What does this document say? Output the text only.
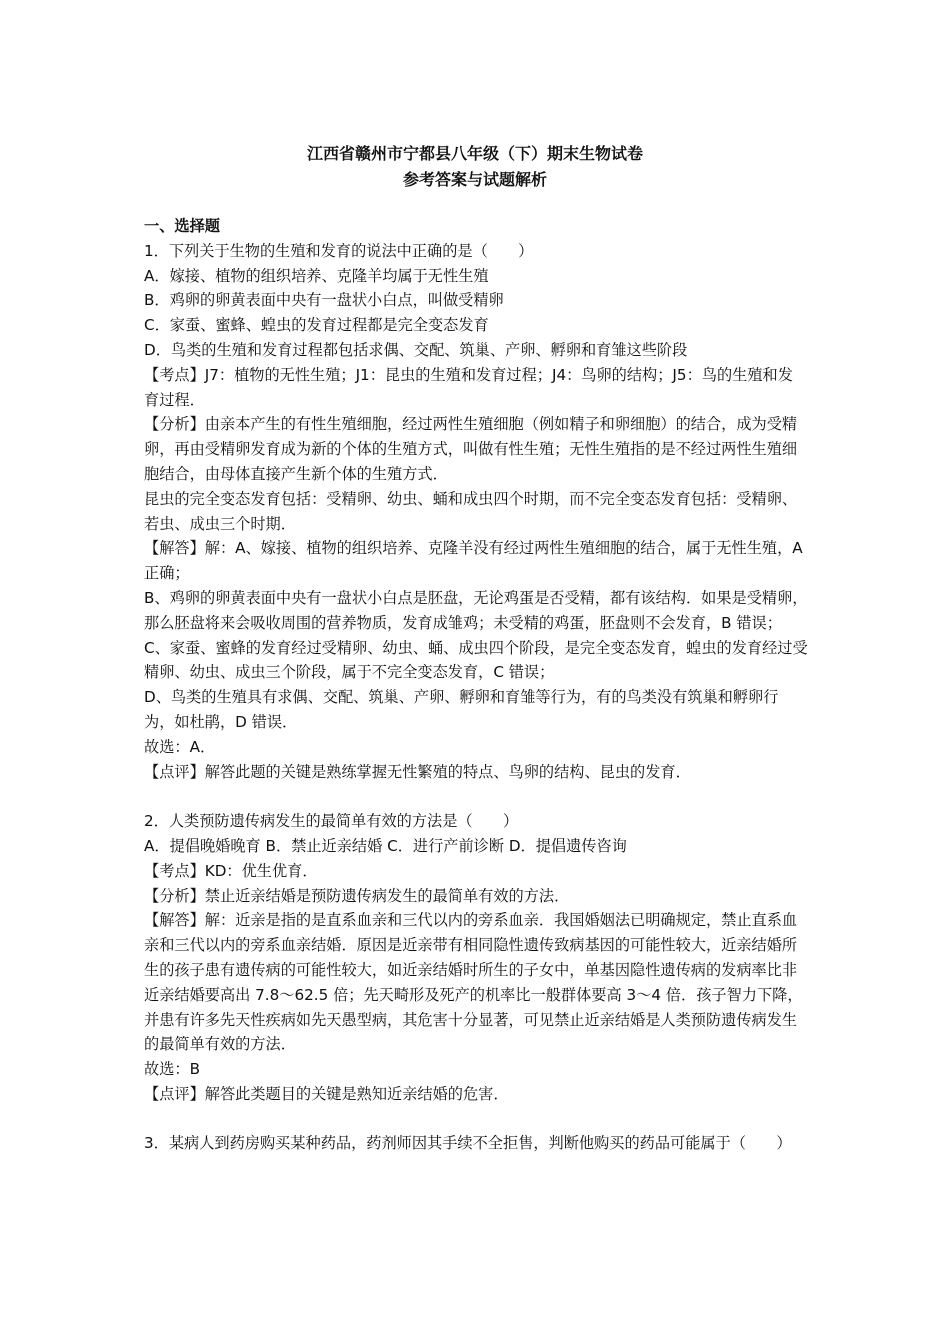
江西省赣州市宁都县八年级（下）期末生物试卷
参考答案与试题解析

一、选择题

1．下列关于生物的生殖和发育的说法中正确的是（　　）

A．嫁接、植物的组织培养、克隆羊均属于无性生殖

B．鸡卵的卵黄表面中央有一盘状小白点，叫做受精卵

C．家蚕、蜜蜂、蝗虫的发育过程都是完全变态发育

D．鸟类的生殖和发育过程都包括求偶、交配、筑巢、产卵、孵卵和育雏这些阶段

【考点】J7：植物的无性生殖；J1：昆虫的生殖和发育过程；J4：鸟卵的结构；J5：鸟的生殖和发育过程．

【分析】由亲本产生的有性生殖细胞，经过两性生殖细胞（例如精子和卵细胞）的结合，成为受精卵，再由受精卵发育成为新的个体的生殖方式，叫做有性生殖；无性生殖指的是不经过两性生殖细胞结合，由母体直接产生新个体的生殖方式．

昆虫的完全变态发育包括：受精卵、幼虫、蛹和成虫四个时期，而不完全变态发育包括：受精卵、若虫、成虫三个时期．

【解答】解：A、嫁接、植物的组织培养、克隆羊没有经过两性生殖细胞的结合，属于无性生殖，A 正确；

B、鸡卵的卵黄表面中央有一盘状小白点是胚盘，无论鸡蛋是否受精，都有该结构．如果是受精卵，那么胚盘将来会吸收周围的营养物质，发育成雏鸡；未受精的鸡蛋，胚盘则不会发育，B 错误；

C、家蚕、蜜蜂的发育经过受精卵、幼虫、蛹、成虫四个阶段，是完全变态发育，蝗虫的发育经过受精卵、幼虫、成虫三个阶段，属于不完全变态发育，C 错误；

D、鸟类的生殖具有求偶、交配、筑巢、产卵、孵卵和育雏等行为，有的鸟类没有筑巢和孵卵行为，如杜鹃，D 错误．

故选：A．

【点评】解答此题的关键是熟练掌握无性繁殖的特点、鸟卵的结构、昆虫的发育．

2．人类预防遗传病发生的最简单有效的方法是（　　）

A．提倡晚婚晚育 B．禁止近亲结婚 C．进行产前诊断 D．提倡遗传咨询

【考点】KD：优生优育．

【分析】禁止近亲结婚是预防遗传病发生的最简单有效的方法．

【解答】解：近亲是指的是直系血亲和三代以内的旁系血亲．我国婚姻法已明确规定，禁止直系血亲和三代以内的旁系血亲结婚．原因是近亲带有相同隐性遗传致病基因的可能性较大，近亲结婚所生的孩子患有遗传病的可能性较大，如近亲结婚时所生的子女中，单基因隐性遗传病的发病率比非近亲结婚要高出 7.8～62.5 倍；先天畸形及死产的机率比一般群体要高 3～4 倍．孩子智力下降，并患有许多先天性疾病如先天愚型病，其危害十分显著，可见禁止近亲结婚是人类预防遗传病发生的最简单有效的方法．

故选：B

【点评】解答此类题目的关键是熟知近亲结婚的危害．

3．某病人到药房购买某种药品，药剂师因其手续不全拒售，判断他购买的药品可能属于（　　）
